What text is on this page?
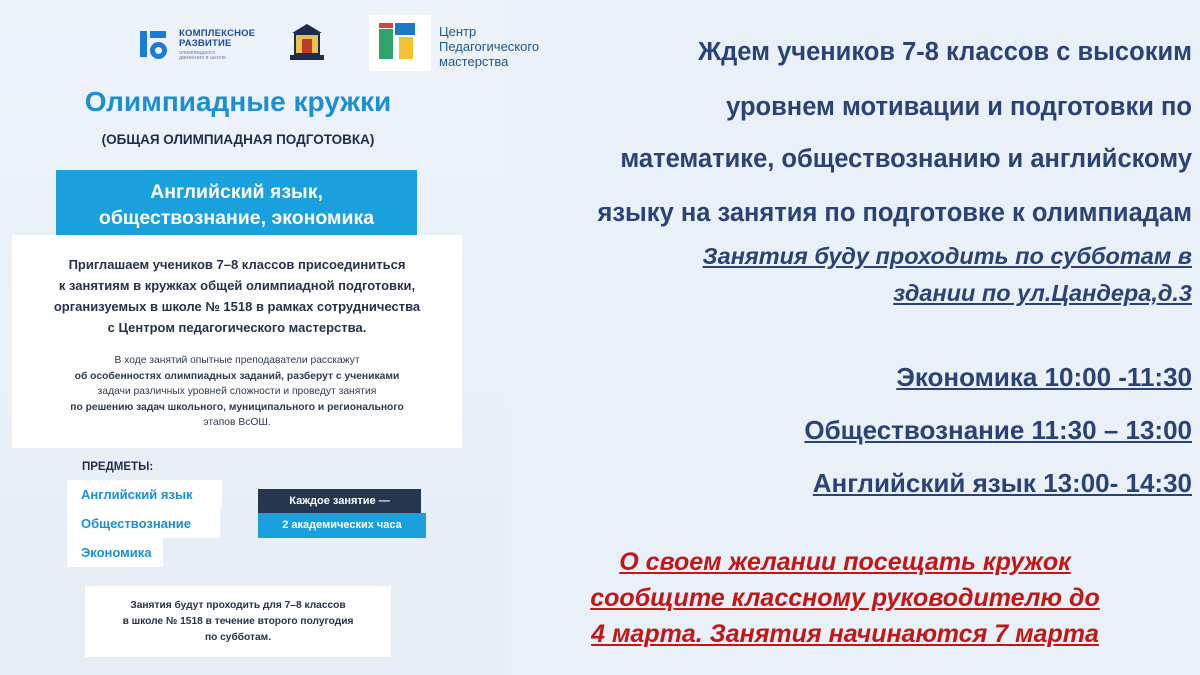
КОМПЛЕКСНОЕ
РАЗВИТИЕ
олимпиадного
движения в школе
Центр
Педагогического
мастерства
Олимпиадные кружки
(ОБЩАЯ ОЛИМПИАДНАЯ ПОДГОТОВКА)
Английский язык,
обществознание, экономика
Приглашаем учеников 7–8 классов присоединиться
к занятиям в кружках общей олимпиадной подготовки,
организуемых в школе № 1518 в рамках сотрудничества
с Центром педагогического мастерства.
В ходе занятий опытные преподаватели расскажут
об особенностях олимпиадных заданий, разберут с учениками
задачи различных уровней сложности и проведут занятия
по решению задач школьного, муниципального и регионального
этапов ВсОШ.
ПРЕДМЕТЫ:
Английский язык
Обществознание
Экономика
Каждое занятие —
2 академических часа
Занятия будут проходить для 7–8 классов
в школе № 1518 в течение второго полугодия
по субботам.
Ждем учеников 7-8 классов с высоким
уровнем мотивации и подготовки по
математике, обществознанию и английскому
языку на занятия по подготовке к олимпиадам
Занятия буду проходить по субботам в
здании по ул.Цандера,д.3
Экономика 10:00 -11:30
Обществознание 11:30 – 13:00
Английский язык 13:00- 14:30
О своем желании посещать кружок
сообщите классному руководителю до
4 марта. Занятия начинаются 7 марта
